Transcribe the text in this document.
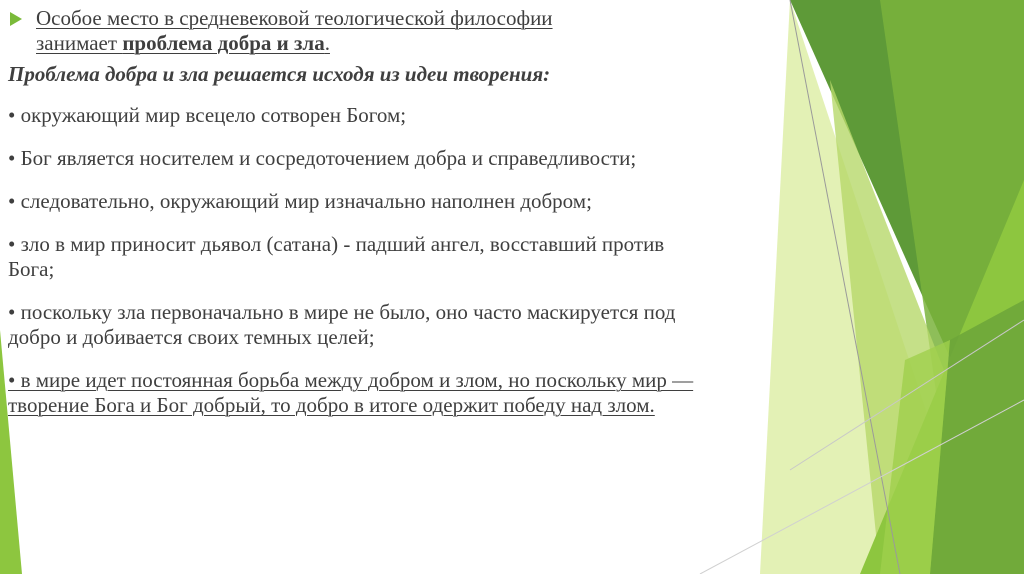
Особое место в средневековой теологической философии

занимает проблема добра и зла.

Проблема добра и зла решается исходя из идеи творения:

• окружающий мир всецело сотворен Богом;

• Бог является носителем и сосредоточением добра и справедливости;

• следовательно, окружающий мир изначально наполнен добром;

• зло в мир приносит дьявол (сатана) - падший ангел, восставший против

Бога;

• поскольку зла первоначально в мире не было, оно часто маскируется под

добро и добивается своих темных целей;

• в мире идет постоянная борьба между добром и злом, но поскольку мир —

творение Бога и Бог добрый, то добро в итоге одержит победу над злом.
